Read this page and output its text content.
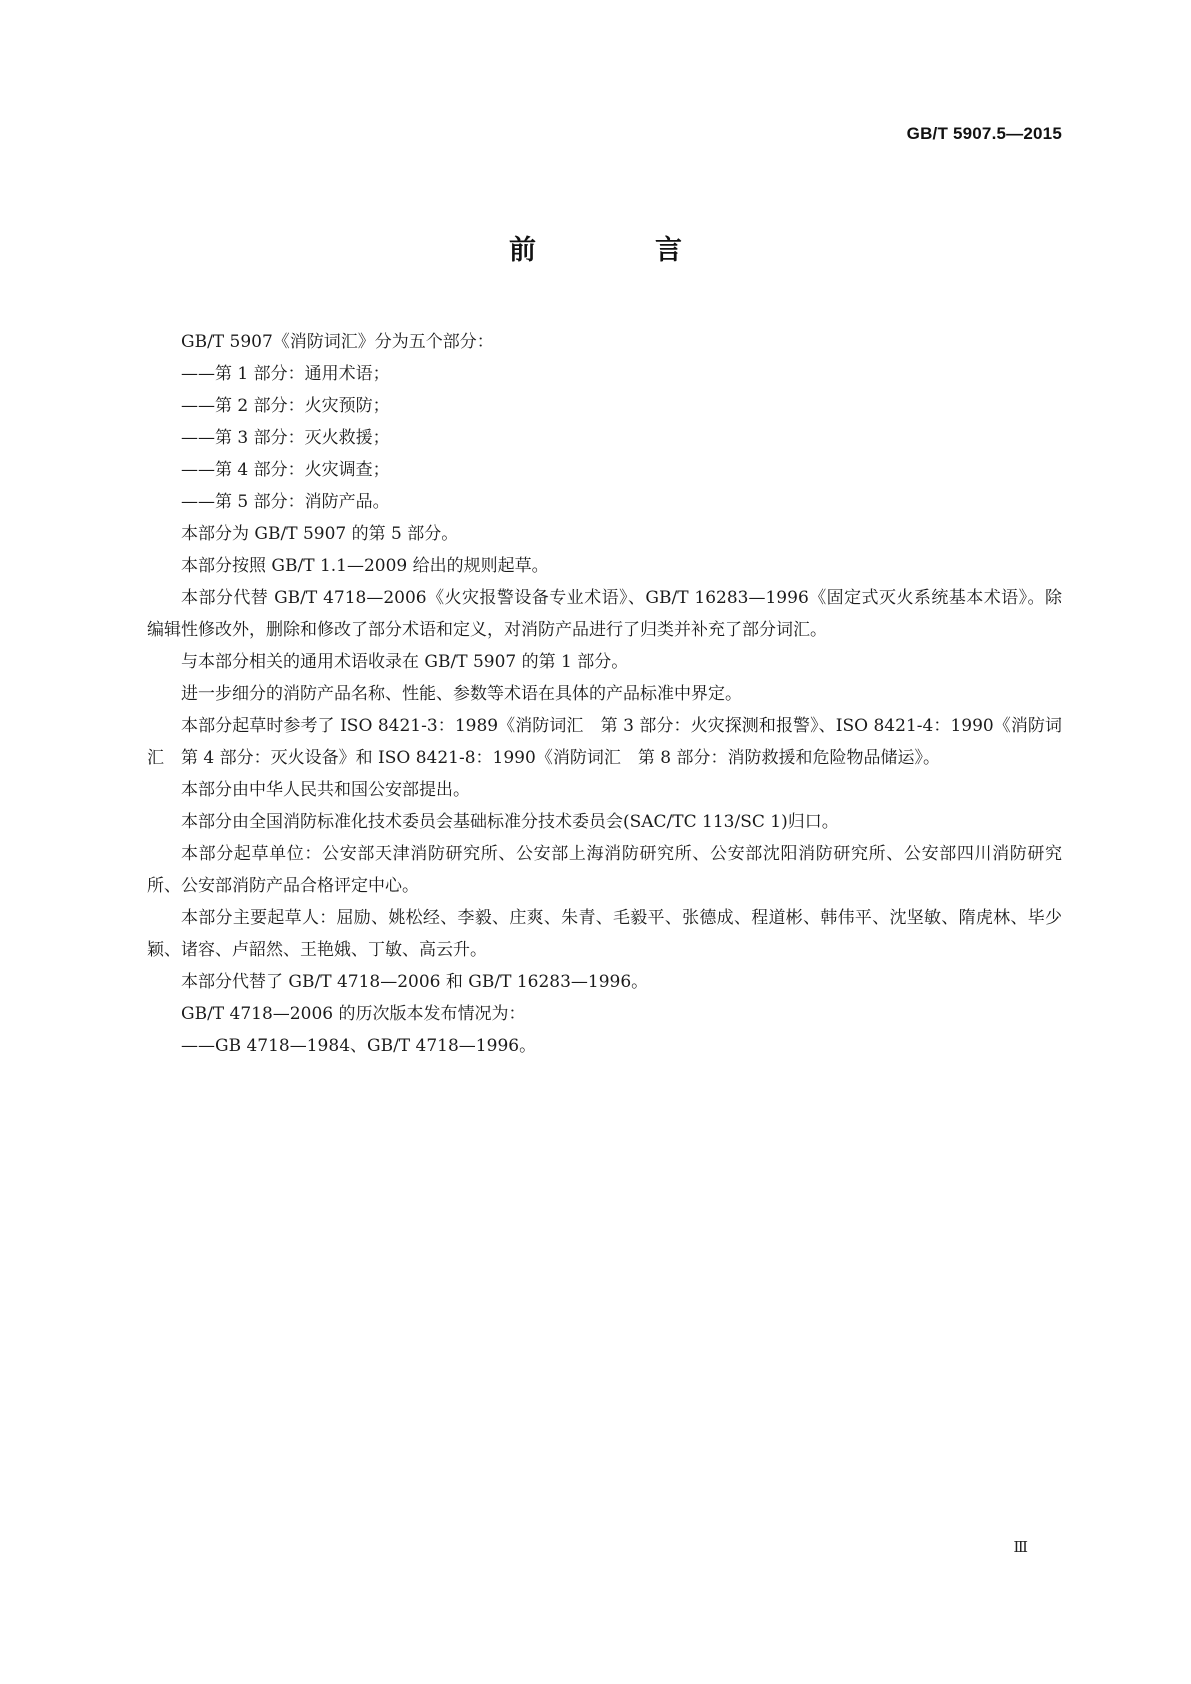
GB/T 5907.5—2015
前　言

GB/T 5907《消防词汇》分为五个部分：

——第 1 部分：通用术语；

——第 2 部分：火灾预防；

——第 3 部分：灭火救援；

——第 4 部分：火灾调查；

——第 5 部分：消防产品。

本部分为 GB/T 5907 的第 5 部分。

本部分按照 GB/T 1.1—2009 给出的规则起草。

本部分代替 GB/T 4718—2006《火灾报警设备专业术语》、GB/T 16283—1996《固定式灭火系统基本术语》。除编辑性修改外，删除和修改了部分术语和定义，对消防产品进行了归类并补充了部分词汇。

与本部分相关的通用术语收录在 GB/T 5907 的第 1 部分。

进一步细分的消防产品名称、性能、参数等术语在具体的产品标准中界定。

本部分起草时参考了 ISO 8421-3：1989《消防词汇　第 3 部分：火灾探测和报警》、ISO 8421-4：1990《消防词汇　第 4 部分：灭火设备》和 ISO 8421-8：1990《消防词汇　第 8 部分：消防救援和危险物品储运》。

本部分由中华人民共和国公安部提出。

本部分由全国消防标准化技术委员会基础标准分技术委员会(SAC/TC 113/SC 1)归口。

本部分起草单位：公安部天津消防研究所、公安部上海消防研究所、公安部沈阳消防研究所、公安部四川消防研究所、公安部消防产品合格评定中心。

本部分主要起草人：屈励、姚松经、李毅、庄爽、朱青、毛毅平、张德成、程道彬、韩伟平、沈坚敏、隋虎林、毕少颖、诸容、卢韶然、王艳娥、丁敏、高云升。

本部分代替了 GB/T 4718—2006 和 GB/T 16283—1996。

GB/T 4718—2006 的历次版本发布情况为：

——GB 4718—1984、GB/T 4718—1996。

Ⅲ
